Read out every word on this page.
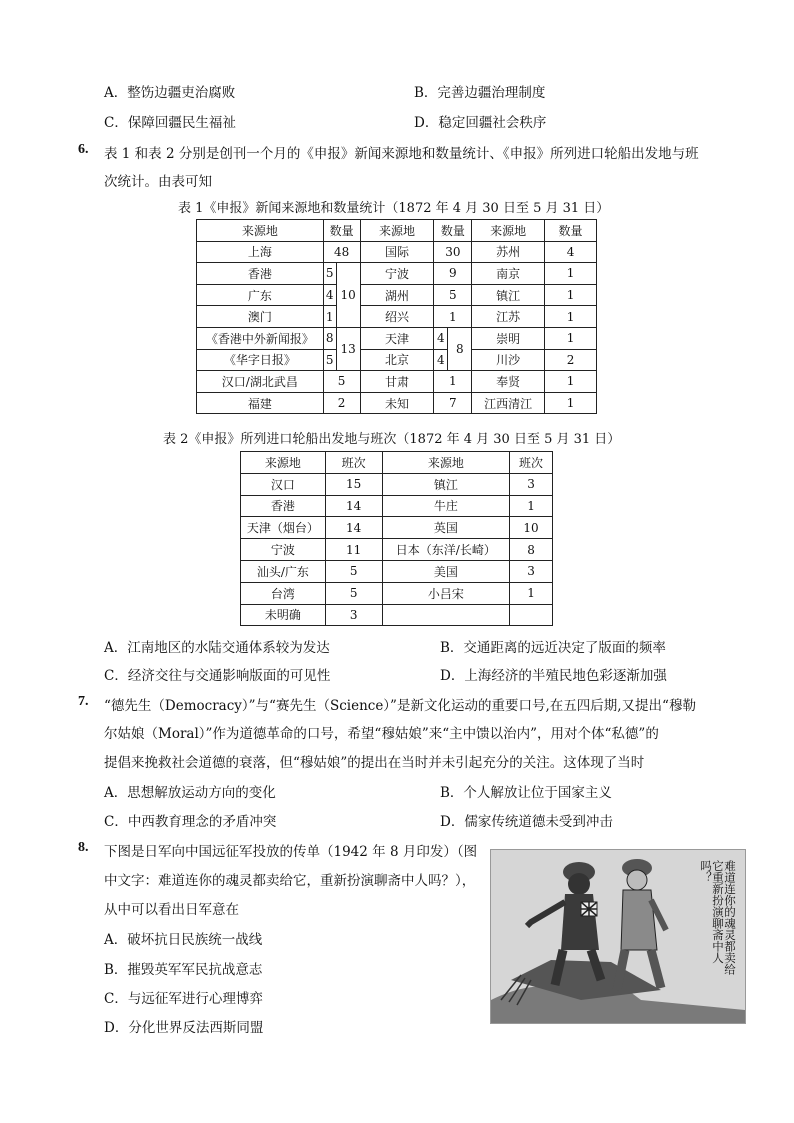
A．整饬边疆吏治腐败	B．完善边疆治理制度
C．保障回疆民生福祉	D．稳定回疆社会秩序
6. 表 1 和表 2 分别是创刊一个月的《申报》新闻来源地和数量统计、《申报》所列进口轮船出发地与班
次统计。由表可知
表 1《申报》新闻来源地和数量统计（1872 年 4 月 30 日至 5 月 31 日）
来源地	数量		来源地	数量		来源地	数量
上海	48		国际	30		苏州	4
香港	5	10	宁波	9		南京	1
广东	4		湖州	5		镇江	1
澳门	1		绍兴	1		江苏	1
《香港中外新闻报》	8	13	天津	4	8	崇明	1
《华字日报》	5		北京	4		川沙	2
汉口/湖北武昌	5		甘肃	1		奉贤	1
福建	2		未知	7		江西清江	1
表 2《申报》所列进口轮船出发地与班次（1872 年 4 月 30 日至 5 月 31 日）
来源地	班次	来源地	班次
汉口	15	镇江	3
香港	14	牛庄	1
天津（烟台）	14	英国	10
宁波	11	日本（东洋/长崎）	8
汕头/广东	5	美国	3
台湾	5	小吕宋	1
未明确	3		
A．江南地区的水陆交通体系较为发达	B．交通距离的远近决定了版面的频率
C．经济交往与交通影响版面的可见性	D．上海经济的半殖民地色彩逐渐加强
7. “德先生（Democracy）”与“赛先生（Science）”是新文化运动的重要口号,在五四后期,又提出“穆勒
尔姑娘（Moral）”作为道德革命的口号，希望“穆姑娘”来“主中馈以治内”，用对个体“私德”的
提倡来挽救社会道德的衰落，但“穆姑娘”的提出在当时并未引起充分的关注。这体现了当时
A．思想解放运动方向的变化	B．个人解放让位于国家主义
C．中西教育理念的矛盾冲突	D．儒家传统道德未受到冲击
8. 下图是日军向中国远征军投放的传单（1942 年 8 月印发）（图
中文字：难道连你的魂灵都卖给它，重新扮演聊斋中人吗？），
从中可以看出日军意在
A．破坏抗日民族统一战线
B．摧毁英军军民抗战意志
C．与远征军进行心理博弈
D．分化世界反法西斯同盟
难道连你的魂灵都卖给它重新扮演聊斋中人吗？
